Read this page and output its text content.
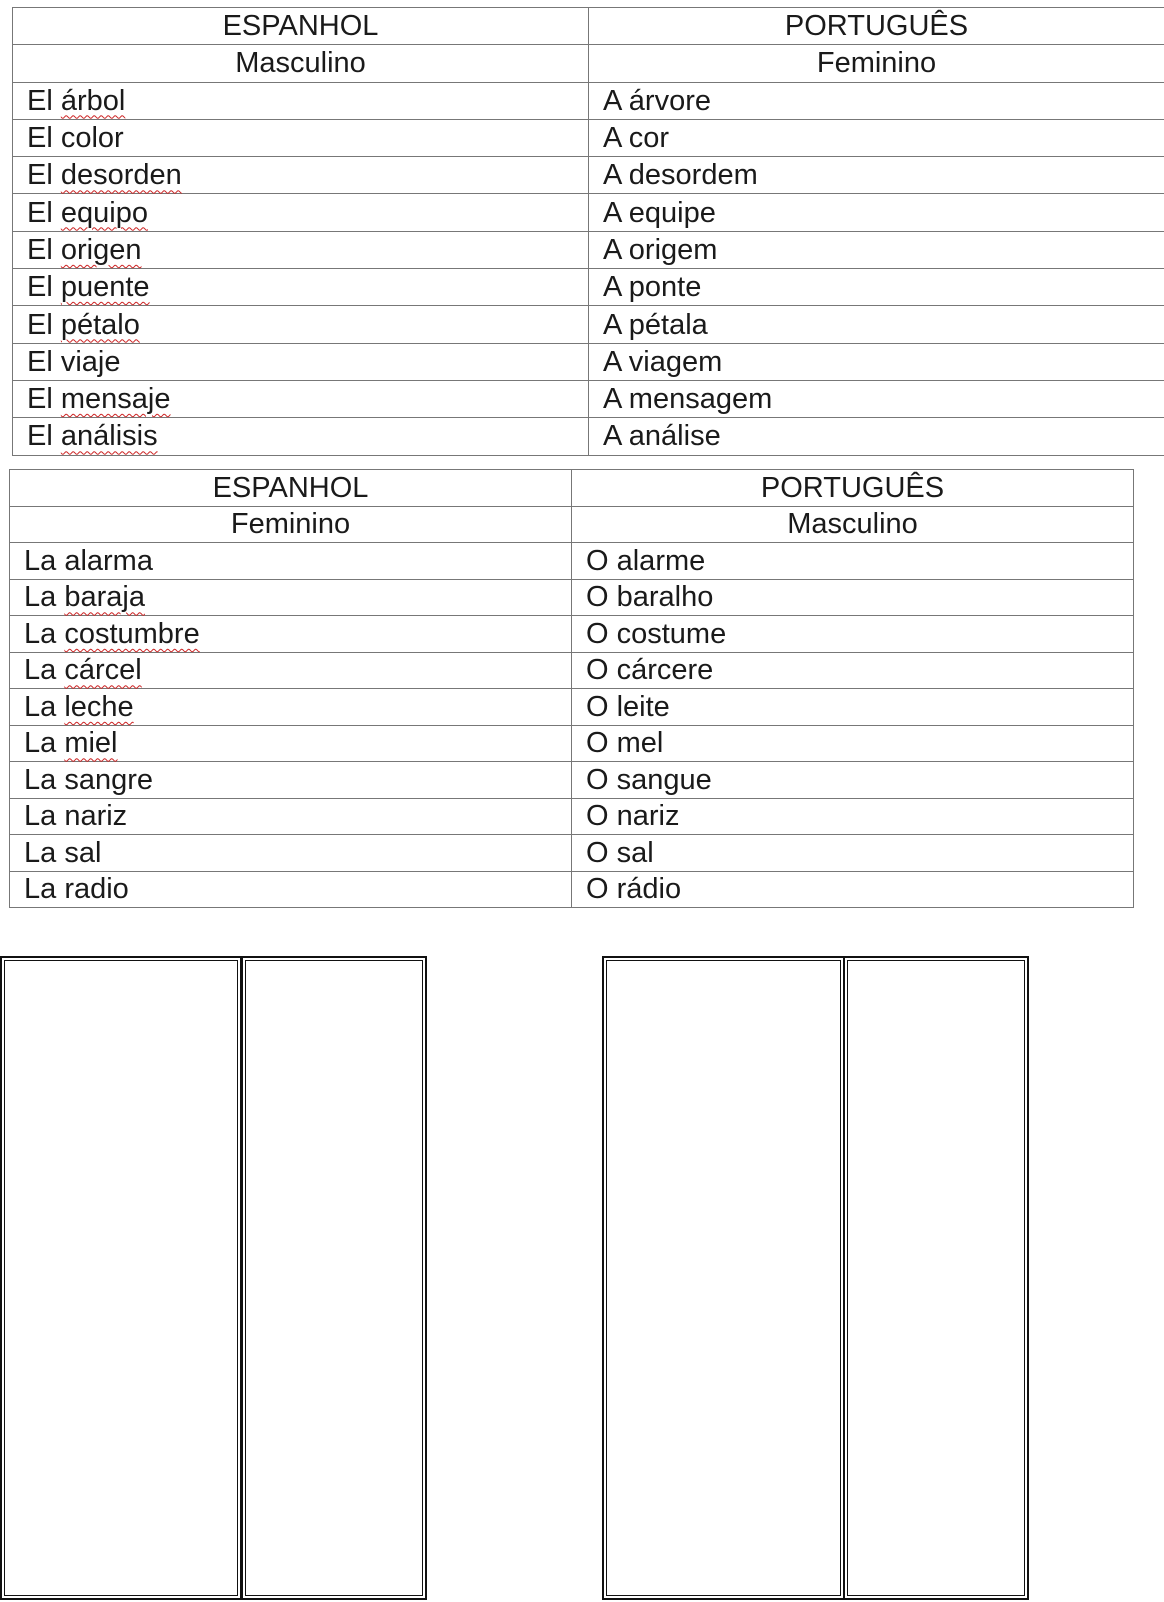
ESPANHOL	PORTUGUÊS
Masculino	Feminino
El árbol	A árvore
El color	A cor
El desorden	A desordem
El equipo	A equipe
El origen	A origem
El puente	A ponte
El pétalo	A pétala
El viaje	A viagem
El mensaje	A mensagem
El análisis	A análise
ESPANHOL	PORTUGUÊS
Feminino	Masculino
La alarma	O alarme
La baraja	O baralho
La costumbre	O costume
La cárcel	O cárcere
La leche	O leite
La miel	O mel
La sangre	O sangue
La nariz	O nariz
La sal	O sal
La radio	O rádio
